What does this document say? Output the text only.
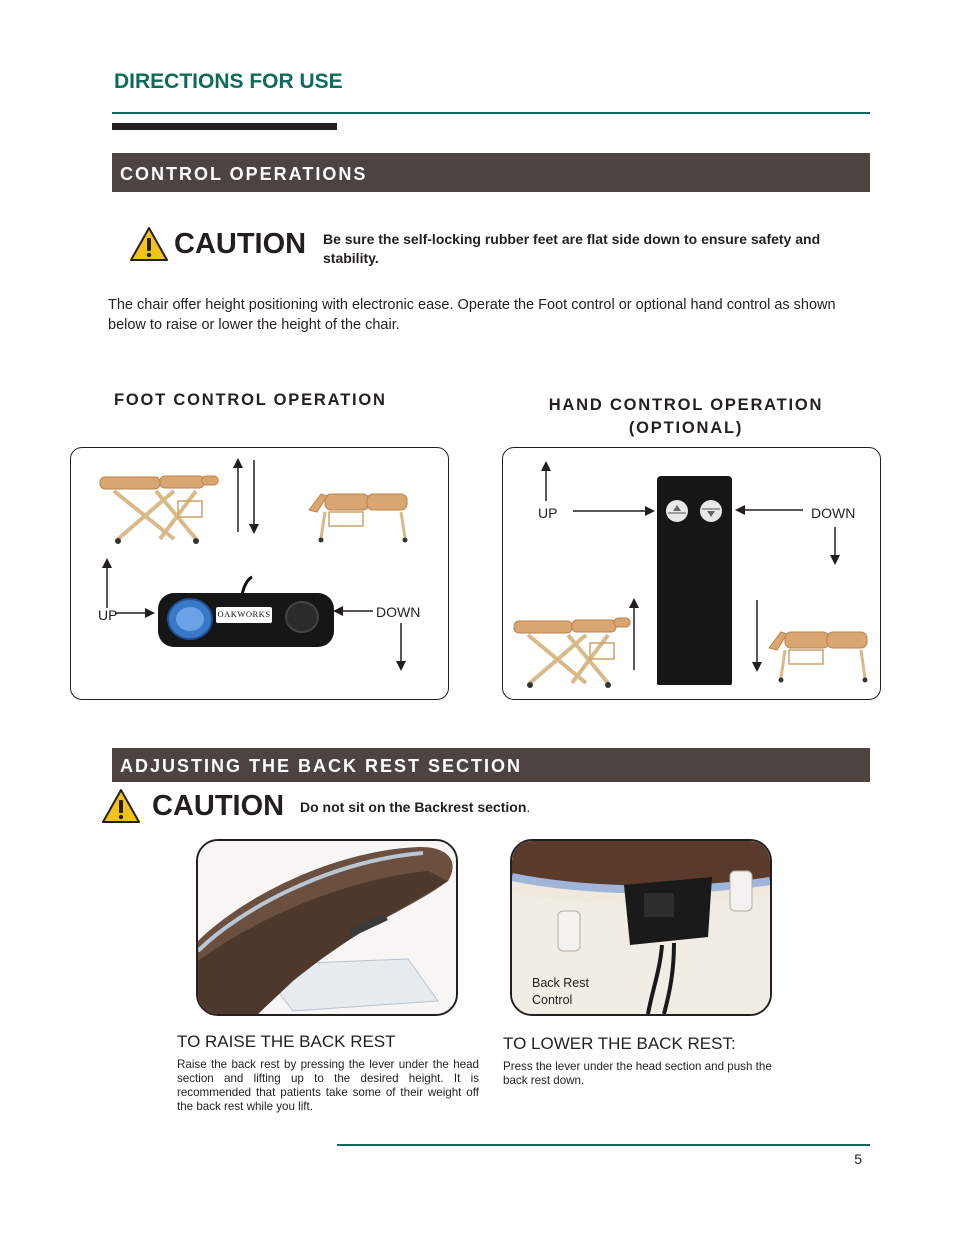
DIRECTIONS FOR USE
CONTROL OPERATIONS
CAUTION Be sure the self-locking rubber feet are flat side down to ensure safety and stability.
The chair offer height positioning with electronic ease. Operate the Foot control or optional hand control as shown below to raise or lower the height of the chair.
FOOT CONTROL OPERATION	HAND CONTROL OPERATION
(OPTIONAL)
UP	OAKWORKS	DOWN
UP	DOWN
ADJUSTING THE BACK REST SECTION
CAUTION Do not sit on the Backrest section.
Back Rest
Control
TO RAISE THE BACK REST
Raise the back rest by pressing the lever under the head section and lifting up to the desired height. It is recommended that patients take some of their weight off the back rest while you lift.
TO LOWER THE BACK REST:
Press the lever under the head section and push the back rest down.
5
